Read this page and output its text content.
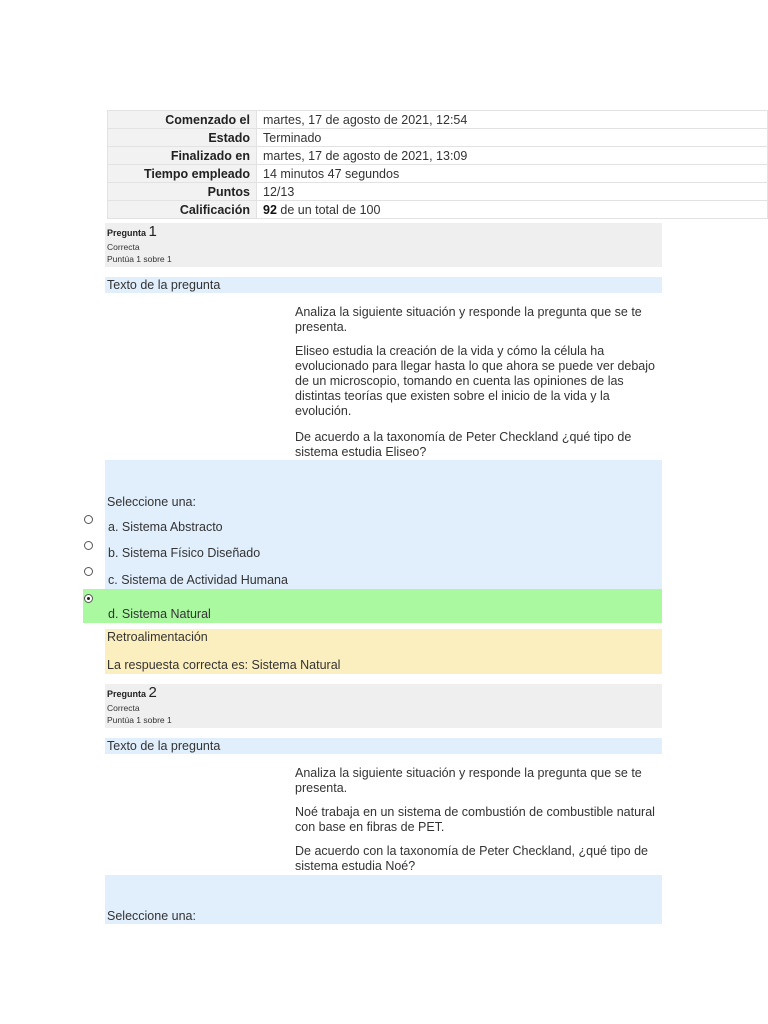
Comenzado el	martes, 17 de agosto de 2021, 12:54
Estado	Terminado
Finalizado en	martes, 17 de agosto de 2021, 13:09
Tiempo empleado	14 minutos 47 segundos
Puntos	12/13
Calificación	92 de un total de 100
Pregunta 1
Correcta
Puntúa 1 sobre 1
Texto de la pregunta

Analiza la siguiente situación y responde la pregunta que se te presenta.

Eliseo estudia la creación de la vida y cómo la célula ha evolucionado para llegar hasta lo que ahora se puede ver debajo de un microscopio, tomando en cuenta las opiniones de las distintas teorías que existen sobre el inicio de la vida y la evolución.

De acuerdo a la taxonomía de Peter Checkland ¿qué tipo de sistema estudia Eliseo?

Seleccione una:
a. Sistema Abstracto
b. Sistema Físico Diseñado
c. Sistema de Actividad Humana
d. Sistema Natural
Retroalimentación
La respuesta correcta es: Sistema Natural
Pregunta 2
Correcta
Puntúa 1 sobre 1
Texto de la pregunta

Analiza la siguiente situación y responde la pregunta que se te presenta.

Noé trabaja en un sistema de combustión de combustible natural con base en fibras de PET.

De acuerdo con la taxonomía de Peter Checkland, ¿qué tipo de sistema estudia Noé?

Seleccione una:
